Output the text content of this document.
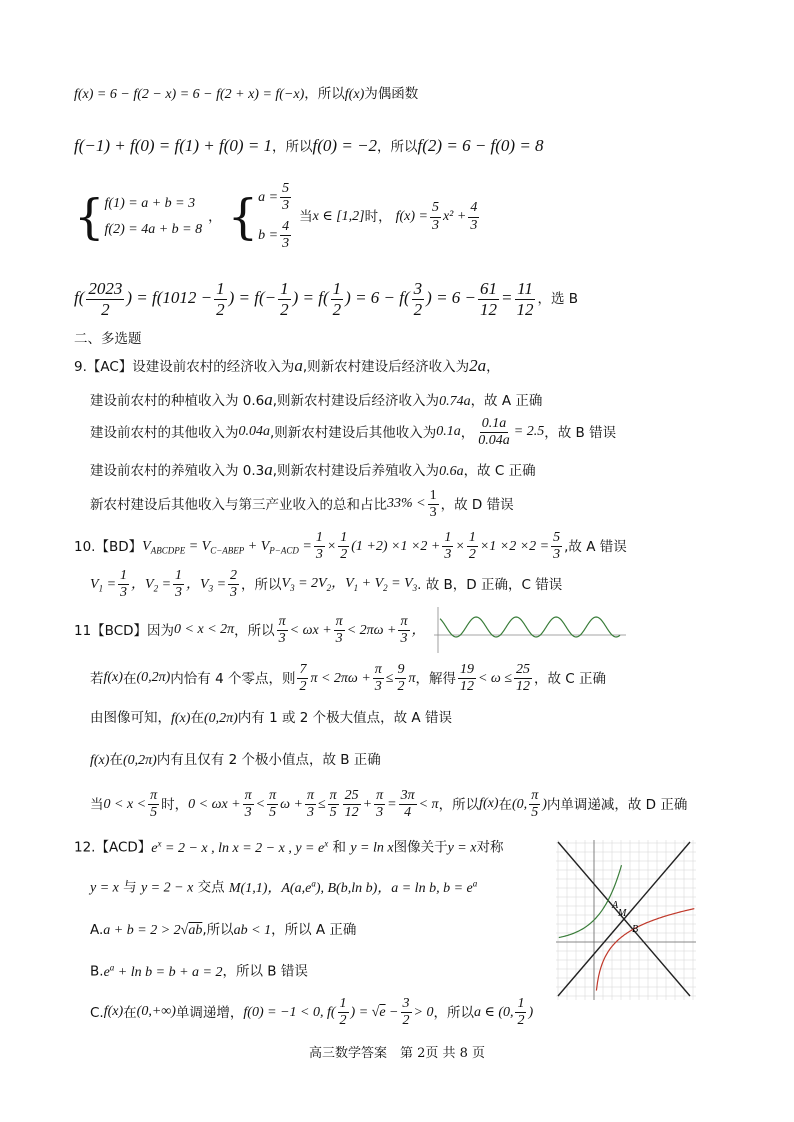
f(x) = 6 − f(2 − x) = 6 − f(2 + x) = f(−x)，所以f(x)为偶函数
f(−1) + f(0) = f(1) + f(0) = 1，所以f(0) = −2，所以f(2) = 6 − f(0) = 8
{ f(1) = a + b = 3
f(2) = 4a + b = 8
， { $a = \frac{5}{3}$
$b = \frac{4}{3}$
当 x ∈ [1,2] 时， $f(x) = \frac{5}{3} x^2 + \frac{4}{3}$
$f( \frac{2023}{2}$ ) = $f(1012 - \frac{1}{2}$ ) = $f(- \frac{1}{2}$ ) = $f( \frac{1}{2}$ ) = $6 - f( \frac{3}{2}$ ) = $6 - \frac{61}{12} = \frac{11}{12}$ ，选 B
二、多选题
9.【AC】设建设前农村的经济收入为a,则新农村建设后经济收入为2a，
建设前农村的种植收入为 0.6a,则新农村建设后经济收入为0.74a，故 A 正确
建设前农村的其他收入为 0.04a ,则新农村建设后其他收入为 0.1a ， $\frac{0.1a}{0.04a} = 2.5$ ，故 B 错误
建设前农村的养殖收入为 0.3a,则新农村建设后养殖收入为0.6a，故 C 正确
新农村建设后其他收入与第三产业收入的总和占比 $33\% < \frac{1}{3}$ ，故 D 错误
10.【BD】 $V_{ABCDPE} = V_{C-ABEP} + V_{P-ACD} = \frac{1}{3} \times \frac{1}{2} (1 +2) \times 1 \times 2 + \frac{1}{3} \times \frac{1}{2} \times 1 \times 2 \times 2 = \frac{5}{3}$ ,故 A 错误
$V_1 = \frac{1}{3}$ ，$V_2 = \frac{1}{3}$ ，$V_3 = \frac{2}{3}$ ，所以 $V_3 = 2V_2$，$V_1 + V_2 = V_3$ . 故 B，D 正确，C 错误
11【BCD】因为 0 < x < 2π ，所以 $\frac{\pi}{3} < \omega x + \frac{\pi}{3} < 2\pi\omega + \frac{\pi}{3}$ ，
若 f(x) 在 (0,2π) 内恰有 4 个零点，则 $\frac{7}{2}$ $\pi < 2\pi\omega + \frac{\pi}{3} \le \frac{9}{2}$ π ，解得 $\frac{19}{12} < \omega \le \frac{25}{12}$ ，故 C 正确
由图像可知，f(x)在(0,2π)内有 1 或 2 个极大值点，故 A 错误
f(x)在(0,2π)内有且仅有 2 个极小值点，故 B 正确
当 $0 < x < \frac{\pi}{5}$ 时， $0 < \omega x + \frac{\pi}{3} < \frac{\pi}{5}$ $\omega + \frac{\pi}{3} \le \frac{\pi}{5} \frac{25}{12} + \frac{\pi}{3} = \frac{3\pi}{4} < \pi$ ，所以 f(x) 在 (0, $\frac{\pi}{5}$ ) 内单调递减，故 D 正确
12.【ACD】$e^x = 2 - x$ , ln x = 2 − x , $y = e^x$ 和 y = ln x图像关于y = x对称
y = x 与 y = 2 − x 交点 M(1,1)，$A(a,e^a)$, B(b,ln b)，a = ln b, $b = e^a$
A.a + b = 2 > 2√ab,所以ab < 1，所以 A 正确
$B.e^a + \ln b = b + a = 2$，所以 B 错误
C. f(x) 在 (0,+∞) 单调递增， f(0) = −1 < 0, $f( \frac{1}{2}$ ) = $√e - \frac{3}{2} > 0$ ，所以 a ∈ (0, $\frac{1}{2}$ )
A
M
B
高三数学答案　第 2页 共 8 页
